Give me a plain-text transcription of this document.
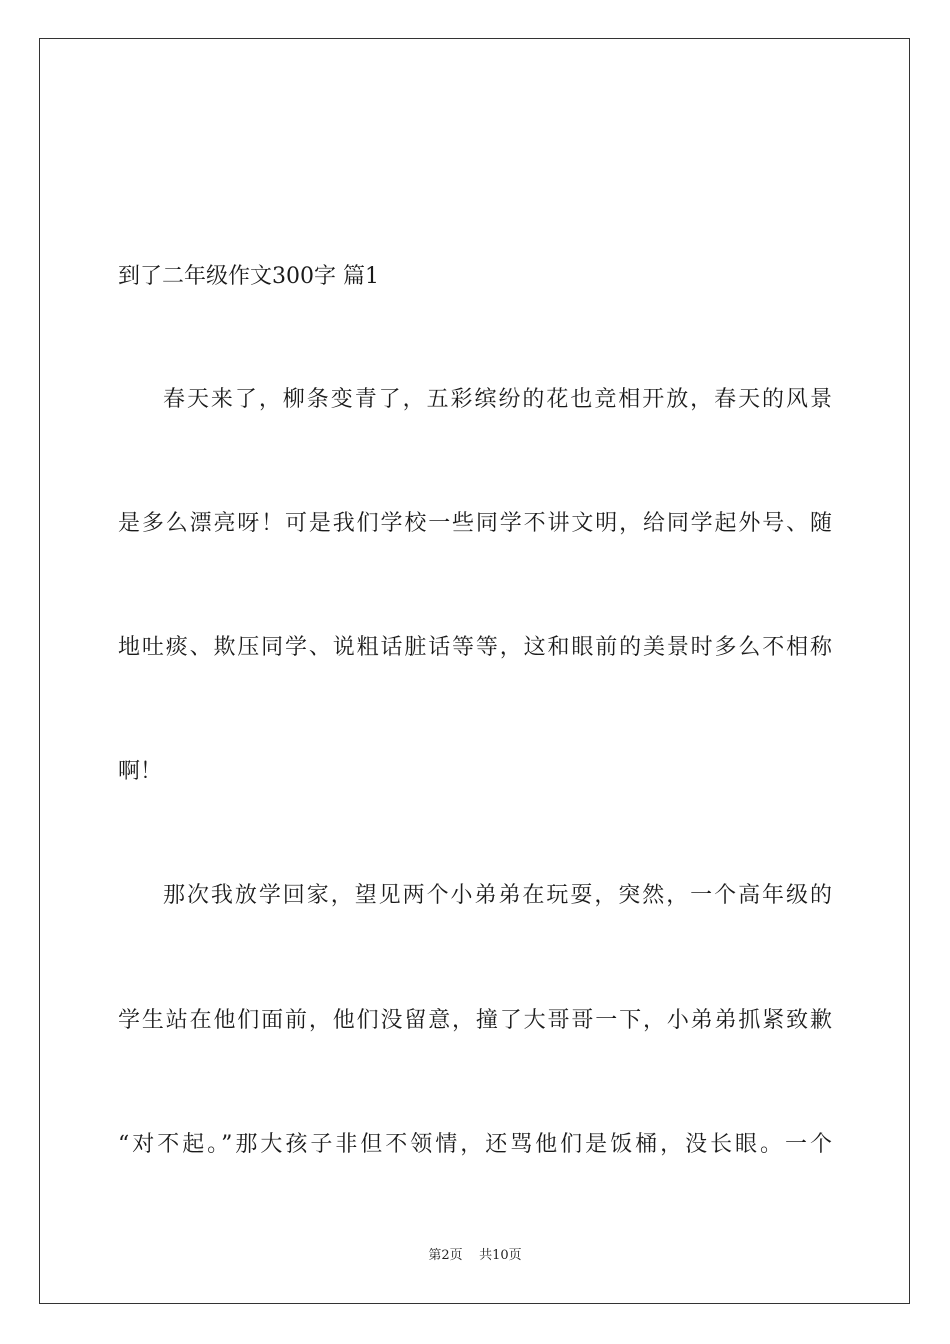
到了二年级作文300字 篇1
春天来了，柳条变青了，五彩缤纷的花也竞相开放，春天的风景
是多么漂亮呀！可是我们学校一些同学不讲文明，给同学起外号、随
地吐痰、欺压同学、说粗话脏话等等，这和眼前的美景时多么不相称
啊！
那次我放学回家，望见两个小弟弟在玩耍，突然，一个高年级的
学生站在他们面前，他们没留意，撞了大哥哥一下，小弟弟抓紧致歉
“对不起。”那大孩子非但不领情，还骂他们是饭桶，没长眼。一个
第2页 共10页
